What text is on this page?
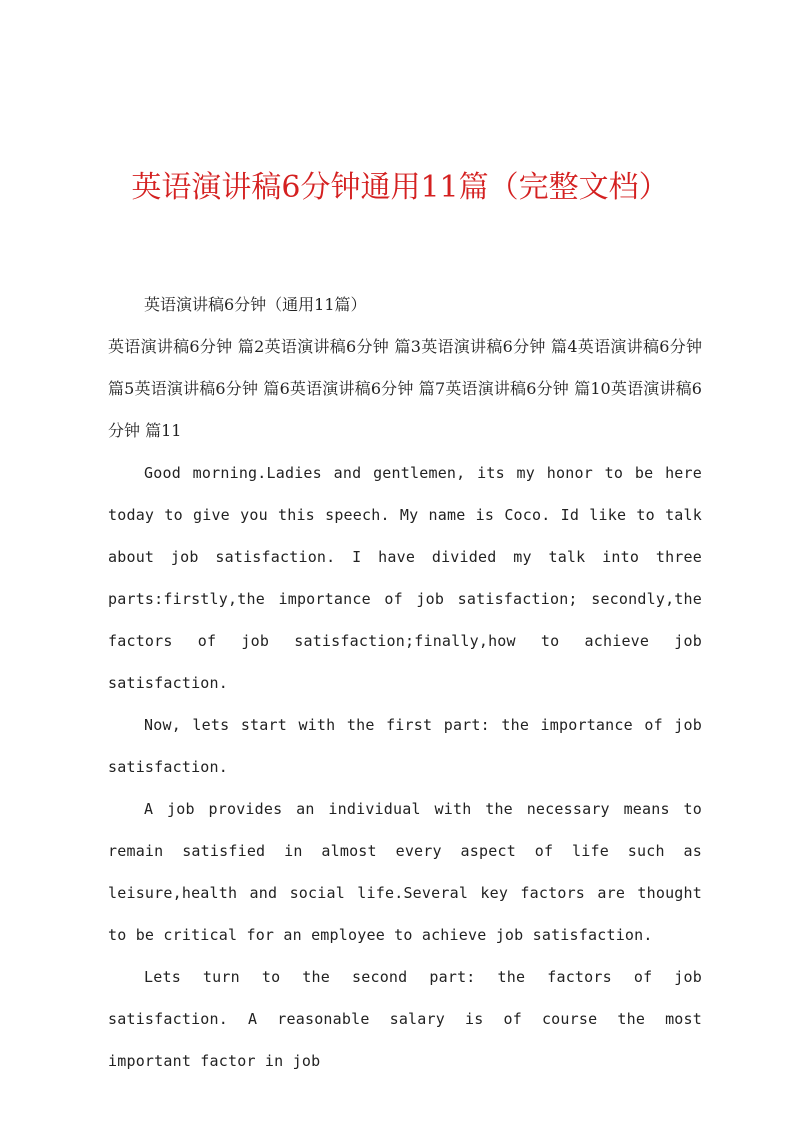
英语演讲稿6分钟通用11篇（完整文档）

英语演讲稿6分钟（通用11篇）

英语演讲稿6分钟 篇2英语演讲稿6分钟 篇3英语演讲稿6分钟 篇4英语演讲稿6分钟 篇5英语演讲稿6分钟 篇6英语演讲稿6分钟 篇7英语演讲稿6分钟 篇10英语演讲稿6分钟 篇11

Good morning.Ladies and gentlemen, its my honor to be here today to give you this speech. My name is Coco. Id like to talk about job satisfaction. I have divided my talk into three parts:firstly,the importance of job satisfaction; secondly,the factors of job satisfaction;finally,how to achieve job satisfaction.

Now, lets start with the first part: the importance of job satisfaction.

A job provides an individual with the necessary means to remain satisfied in almost every aspect of life such as leisure,health and social life.Several key factors are thought to be critical for an employee to achieve job satisfaction.

Lets turn to the second part: the factors of job satisfaction. A reasonable salary is of course the most important factor in job
